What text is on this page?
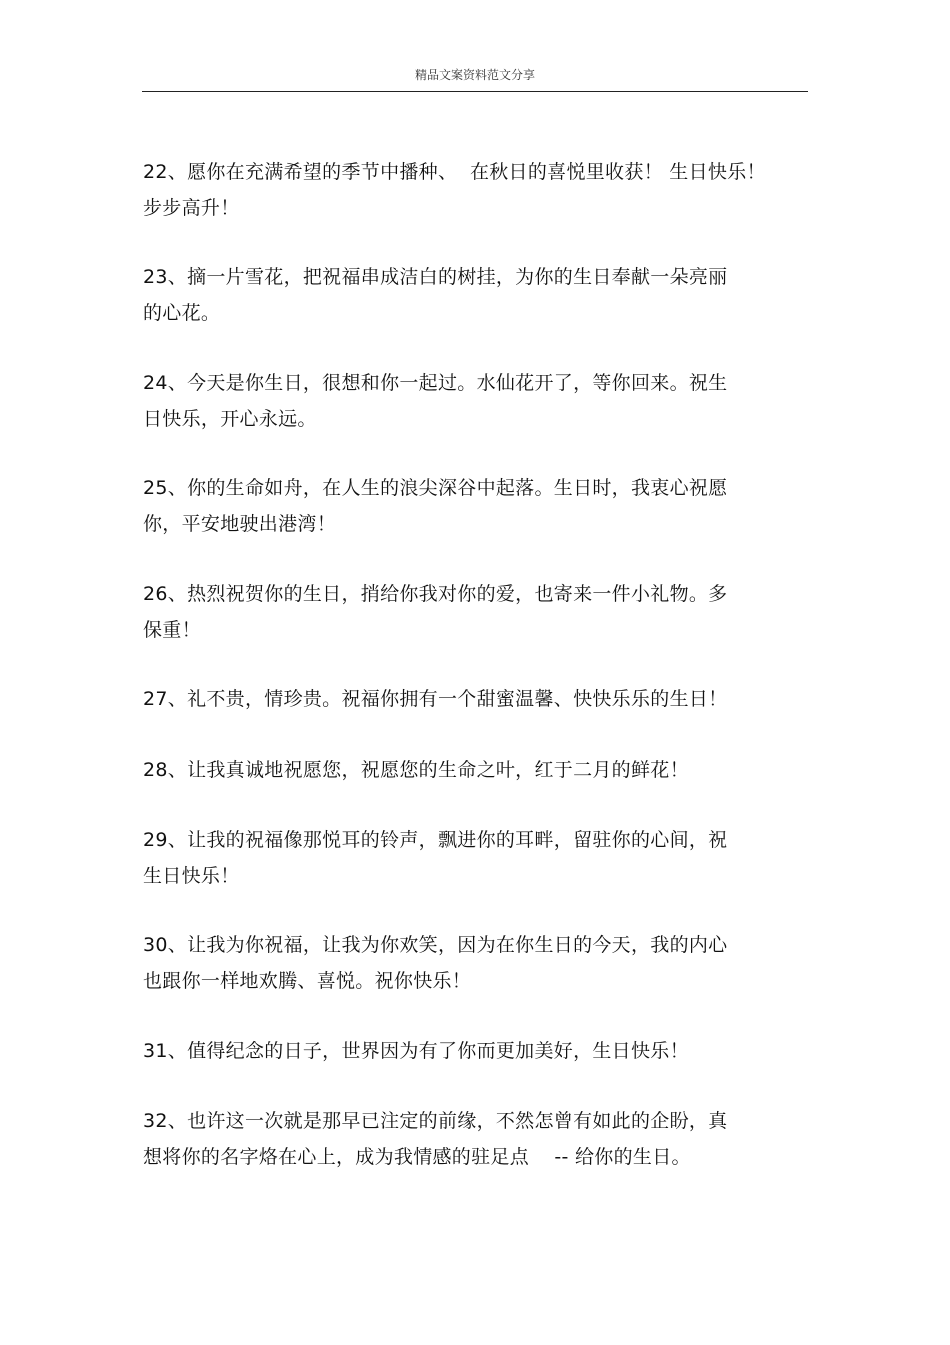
精品文案资料范文分享
22、愿你在充满希望的季节中播种、  在秋日的喜悦里收获！ 生日快乐！
步步高升！
23、摘一片雪花，把祝福串成洁白的树挂，为你的生日奉献一朵亮丽
的心花。
24、今天是你生日，很想和你一起过。水仙花开了，等你回来。祝生
日快乐，开心永远。
25、你的生命如舟，在人生的浪尖深谷中起落。生日时，我衷心祝愿
你，平安地驶出港湾！
26、热烈祝贺你的生日，捎给你我对你的爱，也寄来一件小礼物。多
保重！
27、礼不贵，情珍贵。祝福你拥有一个甜蜜温馨、快快乐乐的生日！
28、让我真诚地祝愿您，祝愿您的生命之叶，红于二月的鲜花！
29、让我的祝福像那悦耳的铃声，飘进你的耳畔，留驻你的心间，祝
生日快乐！
30、让我为你祝福，让我为你欢笑，因为在你生日的今天，我的内心
也跟你一样地欢腾、喜悦。祝你快乐！
31、值得纪念的日子，世界因为有了你而更加美好，生日快乐！
32、也许这一次就是那早已注定的前缘，不然怎曾有如此的企盼，真
想将你的名字烙在心上，成为我情感的驻足点    -- 给你的生日。
